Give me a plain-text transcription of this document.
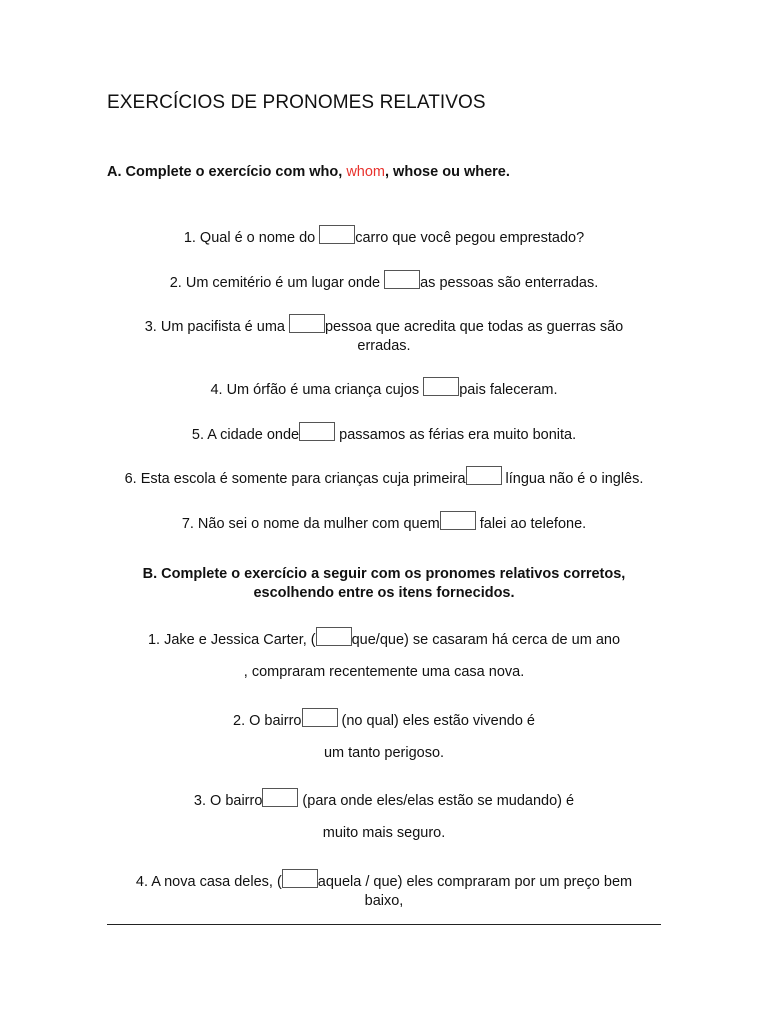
EXERCÍCIOS DE PRONOMES RELATIVOS

A. Complete o exercício com who, whom, whose ou where.

1. Qual é o nome do carro que você pegou emprestado?
2. Um cemitério é um lugar onde as pessoas são enterradas.
3. Um pacifista é uma pessoa que acredita que todas as guerras são erradas.
4. Um órfão é uma criança cujos pais faleceram.
5. A cidade onde passamos as férias era muito bonita.
6. Esta escola é somente para crianças cuja primeira língua não é o inglês.
7. Não sei o nome da mulher com quem falei ao telefone.
B. Complete o exercício a seguir com os pronomes relativos corretos,
escolhendo entre os itens fornecidos.
1. Jake e Jessica Carter, ( que/que) se casaram há cerca de um ano
, compraram recentemente uma casa nova.
2. O bairro (no qual) eles estão vivendo é
um tanto perigoso.
3. O bairro (para onde eles/elas estão se mudando) é
muito mais seguro.
4. A nova casa deles, ( aquela / que) eles compraram por um preço bem baixo,
